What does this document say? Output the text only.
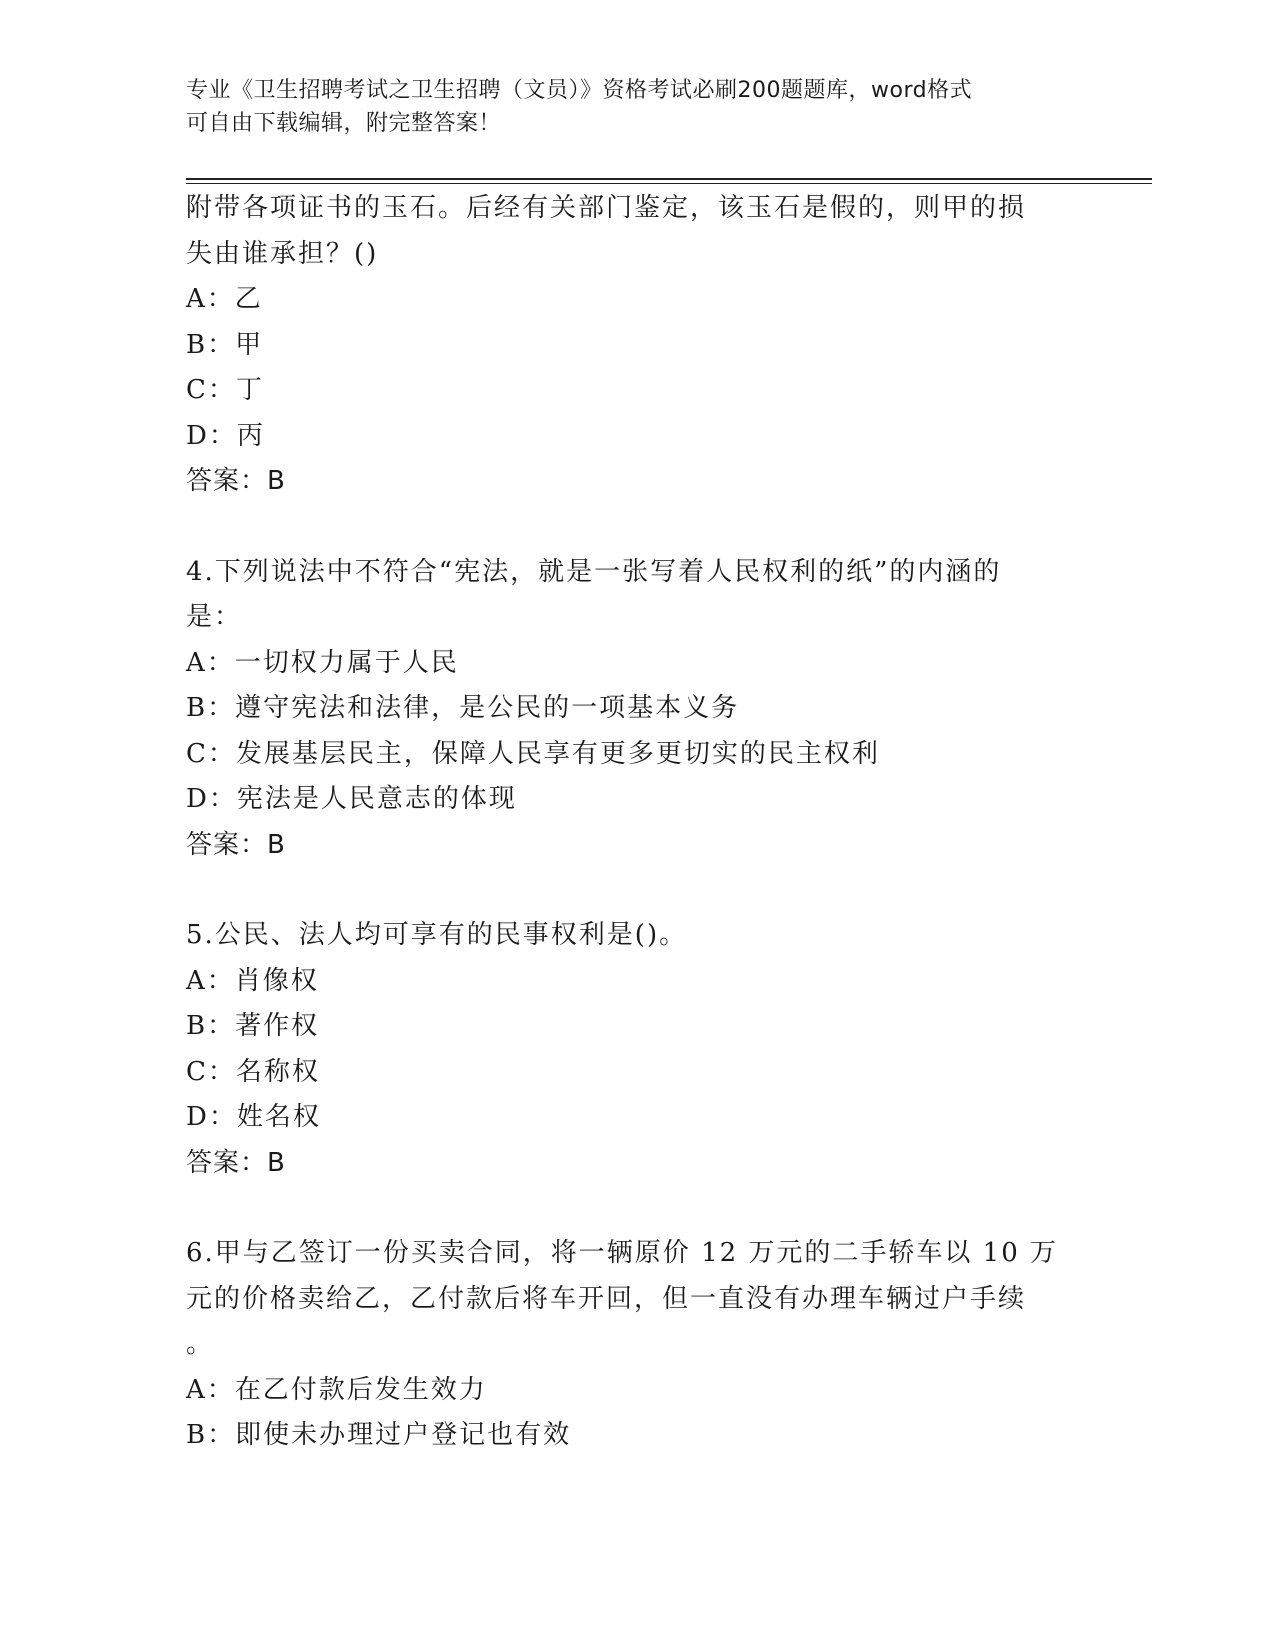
专业《卫生招聘考试之卫生招聘（文员）》资格考试必刷200题题库，word格式
可自由下载编辑，附完整答案！
附带各项证书的玉石。后经有关部门鉴定，该玉石是假的，则甲的损
失由谁承担？()
A：乙
B：甲
C：丁
D：丙
答案：B
4.下列说法中不符合“宪法，就是一张写着人民权利的纸”的内涵的
是：
A：一切权力属于人民
B：遵守宪法和法律，是公民的一项基本义务
C：发展基层民主，保障人民享有更多更切实的民主权利
D：宪法是人民意志的体现
答案：B
5.公民、法人均可享有的民事权利是()。
A：肖像权
B：著作权
C：名称权
D：姓名权
答案：B
6.甲与乙签订一份买卖合同，将一辆原价 12 万元的二手轿车以 10 万
元的价格卖给乙，乙付款后将车开回，但一直没有办理车辆过户手续
。
A：在乙付款后发生效力
B：即使未办理过户登记也有效
